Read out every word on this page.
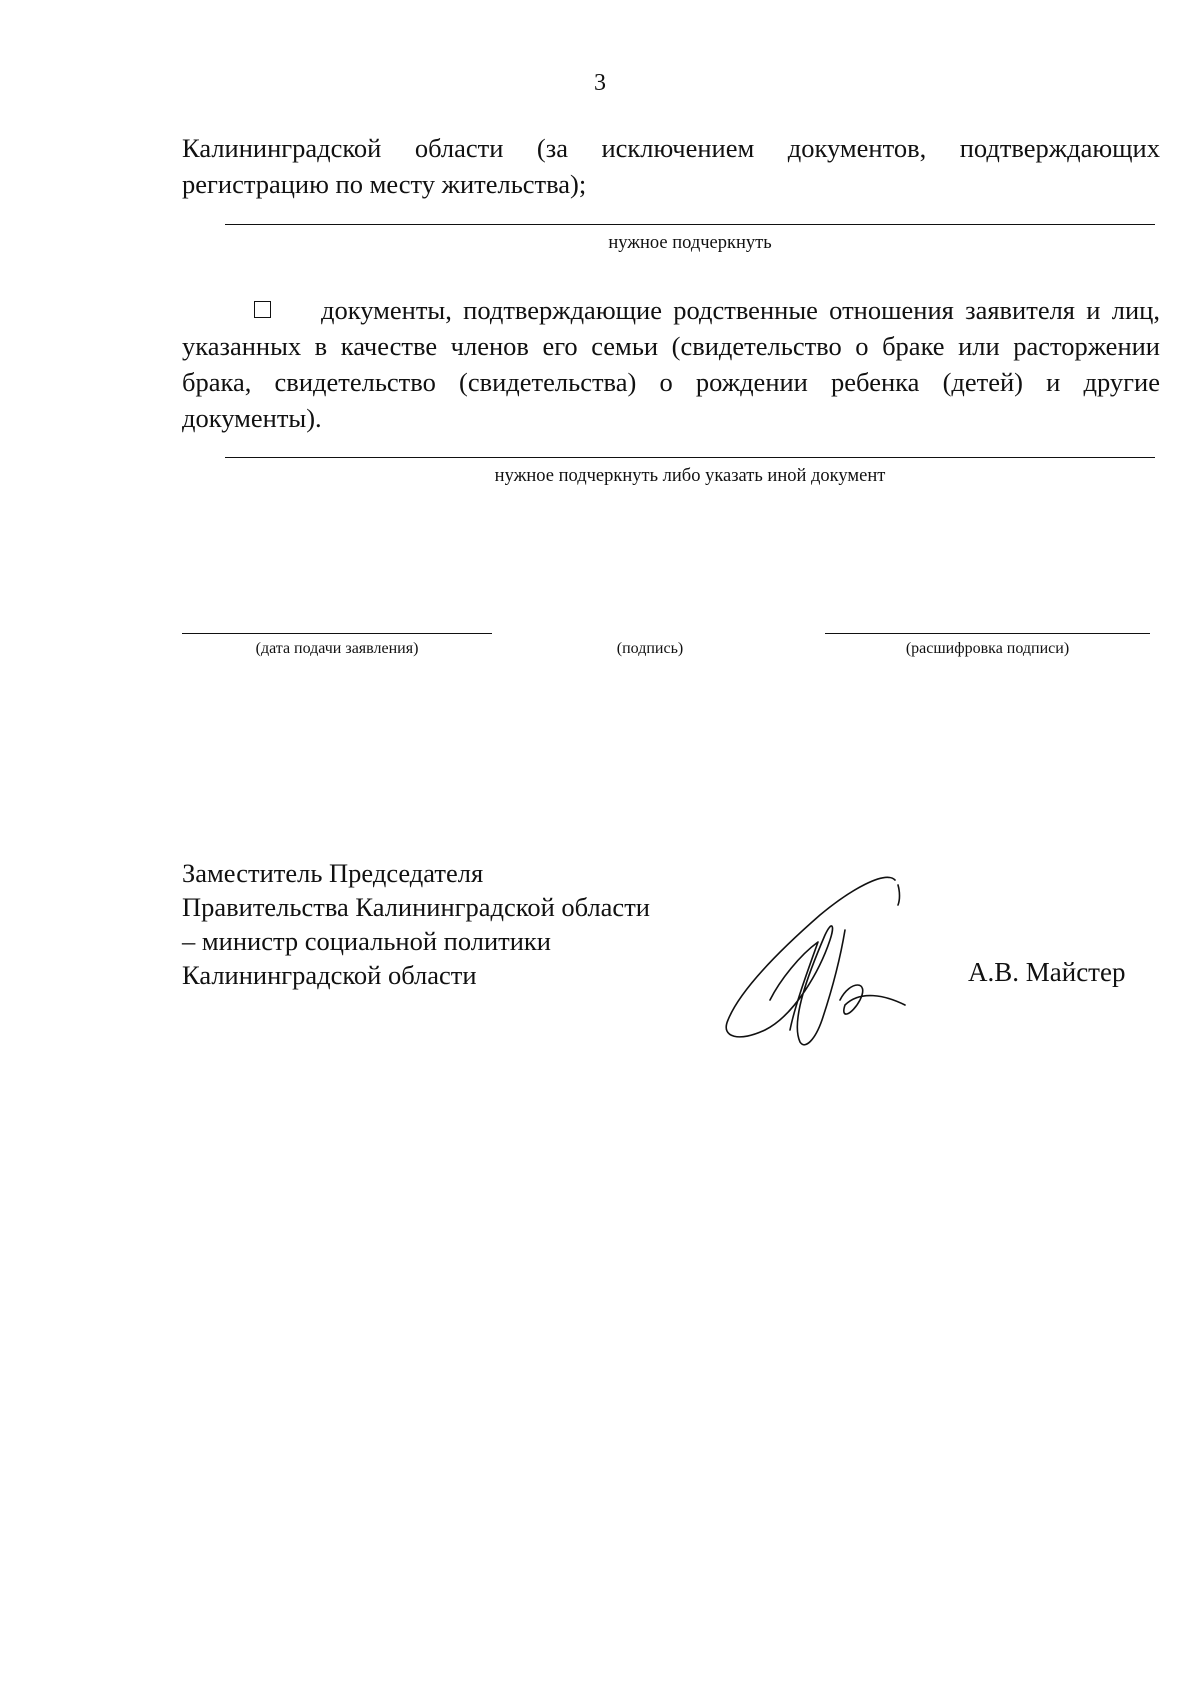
3
Калининградской области (за исключением документов, подтверждающих регистрацию по месту жительства);
нужное подчеркнуть
документы, подтверждающие родственные отношения заявителя и лиц, указанных в качестве членов его семьи (свидетельство о браке или расторжении брака, свидетельство (свидетельства) о рождении ребенка (детей) и другие документы).
нужное подчеркнуть либо указать иной документ
(дата подачи заявления)	(подпись)	(расшифровка подписи)
Заместитель Председателя
Правительства Калининградской области
– министр социальной политики
Калининградской области	А.В. Майстер
